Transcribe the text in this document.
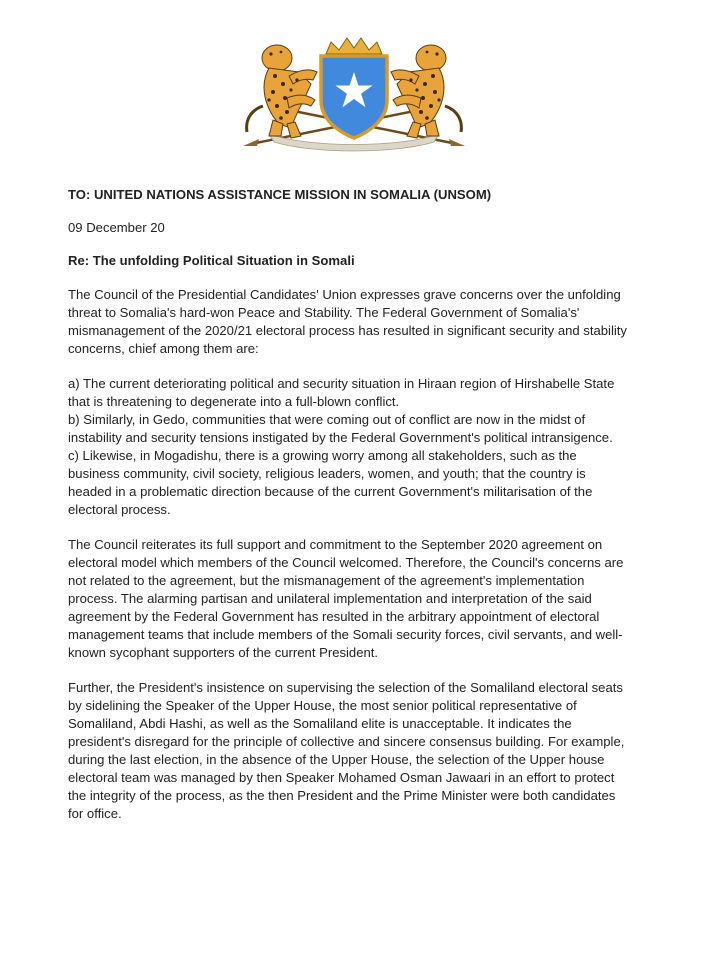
TO: UNITED NATIONS ASSISTANCE MISSION IN SOMALIA (UNSOM)
09 December 20
Re: The unfolding Political Situation in Somali
The Council of the Presidential Candidates' Union expresses grave concerns over the unfolding threat to Somalia's hard-won Peace and Stability. The Federal Government of Somalia's' mismanagement of the 2020/21 electoral process has resulted in significant security and stability concerns, chief among them are:
a) The current deteriorating political and security situation in Hiraan region of Hirshabelle State that is threatening to degenerate into a full-blown conflict.
b) Similarly, in Gedo, communities that were coming out of conflict are now in the midst of instability and security tensions instigated by the Federal Government's political intransigence.
c) Likewise, in Mogadishu, there is a growing worry among all stakeholders, such as the business community, civil society, religious leaders, women, and youth; that the country is headed in a problematic direction because of the current Government's militarisation of the electoral process.
The Council reiterates its full support and commitment to the September 2020 agreement on electoral model which members of the Council welcomed. Therefore, the Council's concerns are not related to the agreement, but the mismanagement of the agreement's implementation process. The alarming partisan and unilateral implementation and interpretation of the said agreement by the Federal Government has resulted in the arbitrary appointment of electoral management teams that include members of the Somali security forces, civil servants, and well-known sycophant supporters of the current President.
Further, the President's insistence on supervising the selection of the Somaliland electoral seats by sidelining the Speaker of the Upper House, the most senior political representative of Somaliland, Abdi Hashi, as well as the Somaliland elite is unacceptable. It indicates the president's disregard for the principle of collective and sincere consensus building. For example, during the last election, in the absence of the Upper House, the selection of the Upper house electoral team was managed by then Speaker Mohamed Osman Jawaari in an effort to protect the integrity of the process, as the then President and the Prime Minister were both candidates for office.
